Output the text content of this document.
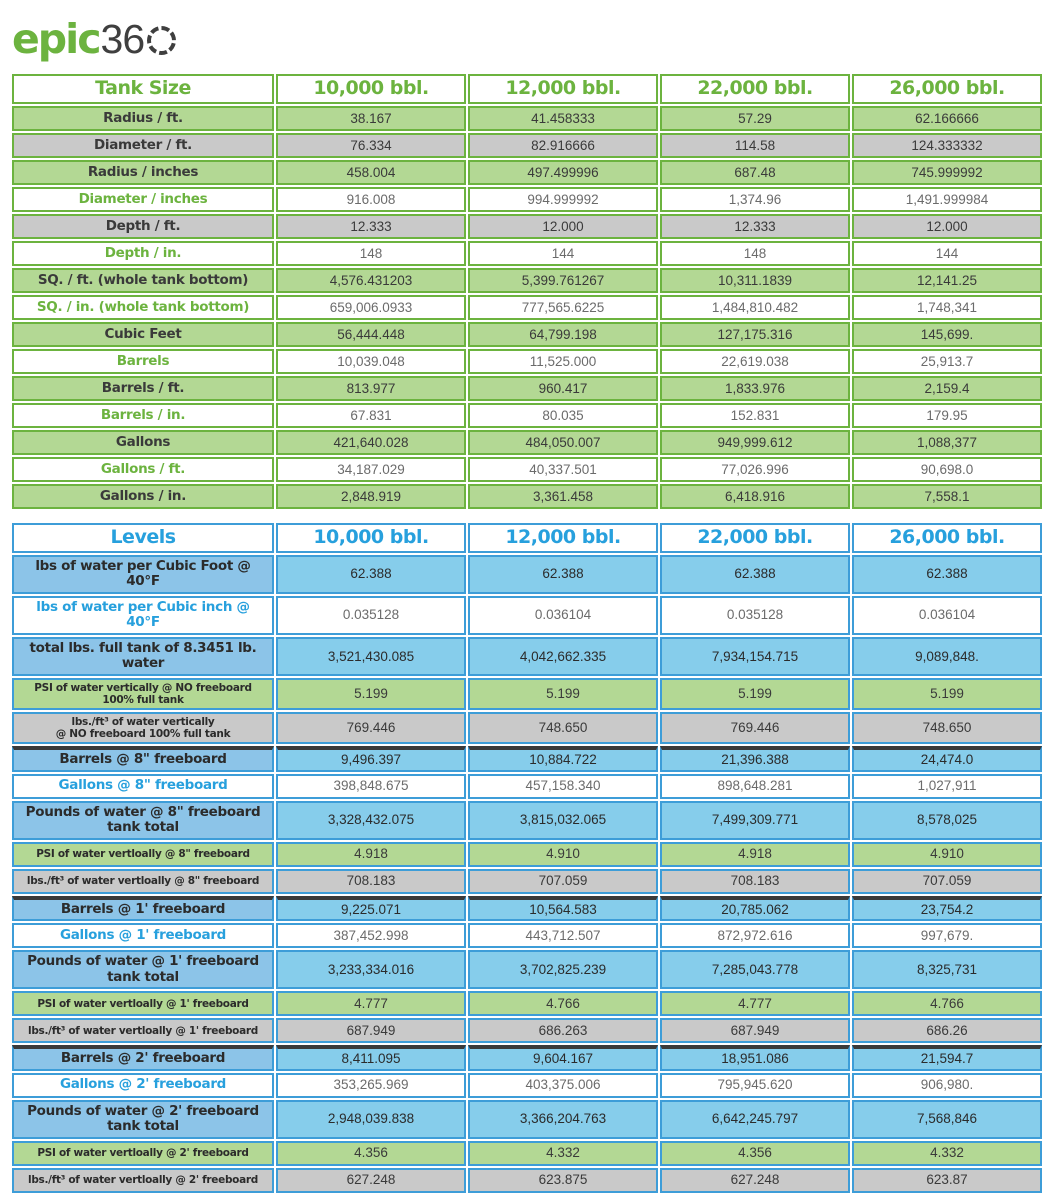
epic 36
Tank Size	10,000 bbl.	12,000 bbl.	22,000 bbl.	26,000 bbl.
Radius / ft.	38.167	41.458333	57.29	62.166666
Diameter / ft.	76.334	82.916666	114.58	124.333332
Radius / inches	458.004	497.499996	687.48	745.999992
Diameter / inches	916.008	994.999992	1,374.96	1,491.999984
Depth / ft.	12.333	12.000	12.333	12.000
Depth / in.	148	144	148	144
SQ. / ft. (whole tank bottom)	4,576.431203	5,399.761267	10,311.1839	12,141.25
SQ. / in. (whole tank bottom)	659,006.0933	777,565.6225	1,484,810.482	1,748,341
Cubic Feet	56,444.448	64,799.198	127,175.316	145,699.
Barrels	10,039.048	11,525.000	22,619.038	25,913.7
Barrels / ft.	813.977	960.417	1,833.976	2,159.4
Barrels / in.	67.831	80.035	152.831	179.95
Gallons	421,640.028	484,050.007	949,999.612	1,088,377
Gallons / ft.	34,187.029	40,337.501	77,026.996	90,698.0
Gallons / in.	2,848.919	3,361.458	6,418.916	7,558.1
Levels	10,000 bbl.	12,000 bbl.	22,000 bbl.	26,000 bbl.
lbs of water per Cubic Foot @ 40°F	62.388	62.388	62.388	62.388
lbs of water per Cubic inch @ 40°F	0.035128	0.036104	0.035128	0.036104
total lbs. full tank of 8.3451 lb. water	3,521,430.085	4,042,662.335	7,934,154.715	9,089,848.
PSI of water vertically @ NO freeboard 100% full tank	5.199	5.199	5.199	5.199
lbs./ft³ of water vertically
@ NO freeboard 100% full tank	769.446	748.650	769.446	748.650
Barrels @ 8" freeboard	9,496.397	10,884.722	21,396.388	24,474.0
Gallons @ 8" freeboard	398,848.675	457,158.340	898,648.281	1,027,911
Pounds of water @ 8" freeboard tank total	3,328,432.075	3,815,032.065	7,499,309.771	8,578,025
PSI of water vertloally @ 8" freeboard	4.918	4.910	4.918	4.910
lbs./ft³ of water vertloally @ 8" freeboard	708.183	707.059	708.183	707.059
Barrels @ 1' freeboard	9,225.071	10,564.583	20,785.062	23,754.2
Gallons @ 1' freeboard	387,452.998	443,712.507	872,972.616	997,679.
Pounds of water @ 1' freeboard tank total	3,233,334.016	3,702,825.239	7,285,043.778	8,325,731
PSI of water vertloally @ 1' freeboard	4.777	4.766	4.777	4.766
lbs./ft³ of water vertloally @ 1' freeboard	687.949	686.263	687.949	686.26
Barrels @ 2' freeboard	8,411.095	9,604.167	18,951.086	21,594.7
Gallons @ 2' freeboard	353,265.969	403,375.006	795,945.620	906,980.
Pounds of water @ 2' freeboard tank total	2,948,039.838	3,366,204.763	6,642,245.797	7,568,846
PSI of water vertloally @ 2' freeboard	4.356	4.332	4.356	4.332
lbs./ft³ of water vertloally @ 2' freeboard	627.248	623.875	627.248	623.87
